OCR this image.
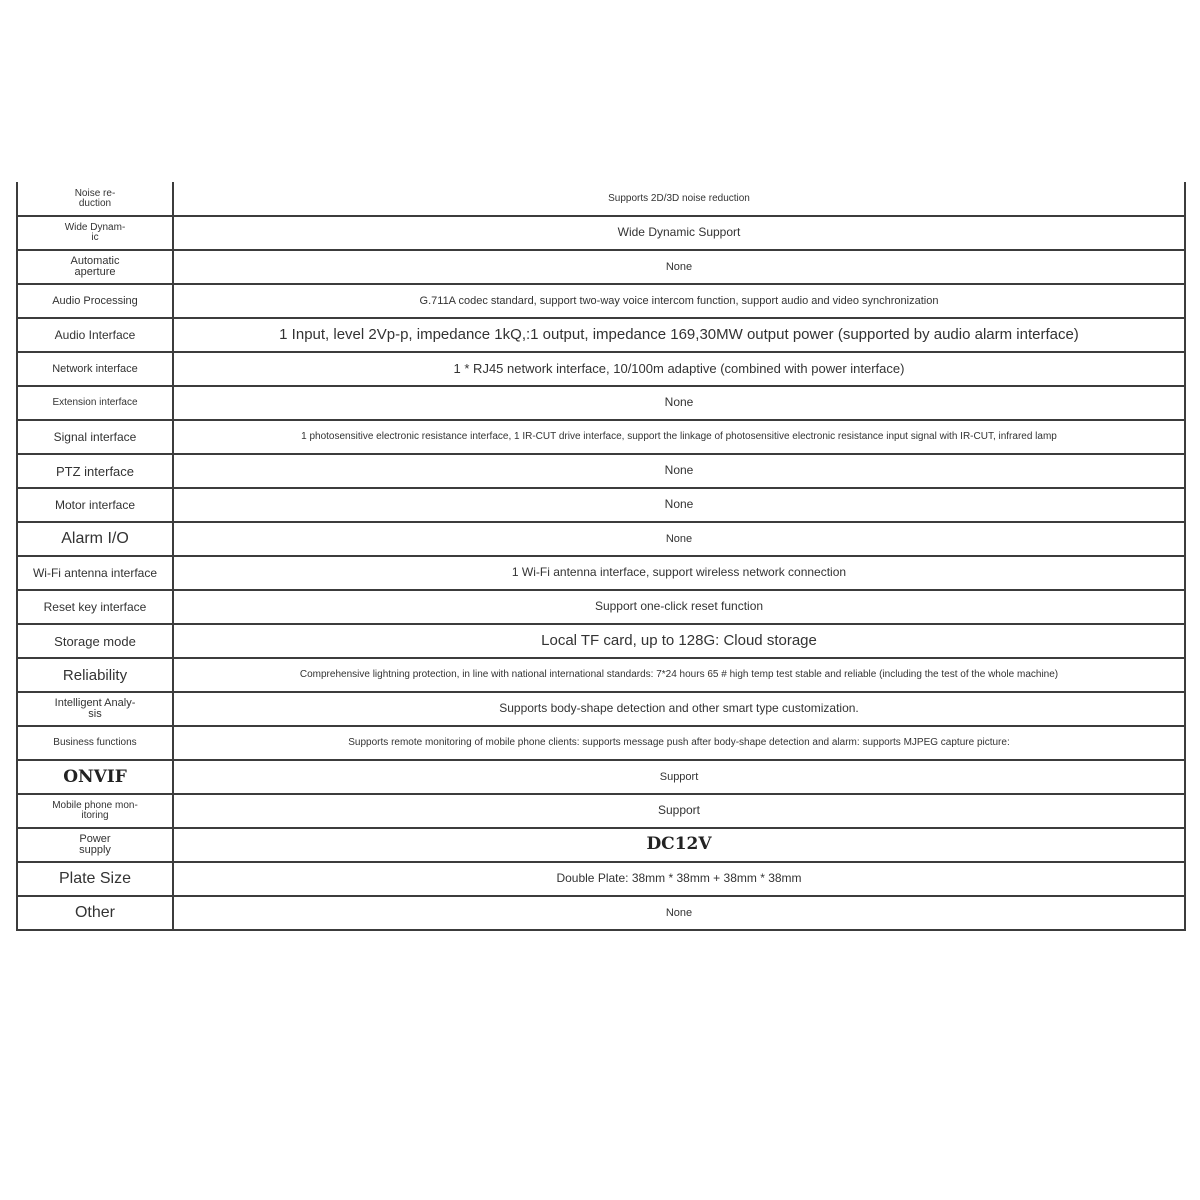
Noise re-
duction	Supports 2D/3D noise reduction
Wide Dynam-
ic	Wide Dynamic Support
Automatic
aperture	None
Audio Processing	G.711A codec standard, support two-way voice intercom function, support audio and video synchronization
Audio Interface	1 Input, level 2Vp-p, impedance 1kQ,:1 output, impedance 169,30MW output power (supported by audio alarm interface)
Network interface	1 * RJ45 network interface, 10/100m adaptive (combined with power interface)
Extension interface	None
Signal interface	1 photosensitive electronic resistance interface, 1 IR-CUT drive interface, support the linkage of photosensitive electronic resistance input signal with IR-CUT, infrared lamp
PTZ interface	None
Motor interface	None
Alarm I/O	None
Wi-Fi antenna interface	1 Wi-Fi antenna interface, support wireless network connection
Reset key interface	Support one-click reset function
Storage mode	Local TF card, up to 128G: Cloud storage
Reliability	Comprehensive lightning protection, in line with national international standards: 7*24 hours 65 # high temp test stable and reliable (including the test of the whole machine)
Intelligent Analy-
sis	Supports body-shape detection and other smart type customization.
Business functions	Supports remote monitoring of mobile phone clients: supports message push after body-shape detection and alarm: supports MJPEG capture picture:
ONVIF	Support
Mobile phone mon-
itoring	Support
Power
supply	DC12V
Plate Size	Double Plate: 38mm * 38mm + 38mm * 38mm
Other	None
